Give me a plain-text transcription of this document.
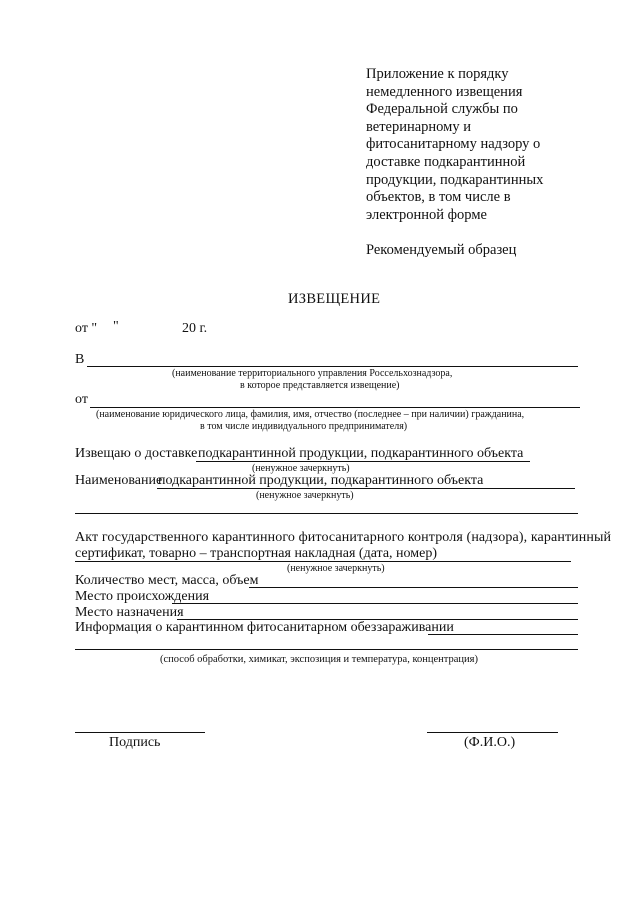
Приложение к порядку
немедленного извещения
Федеральной службы по
ветеринарному и
фитосанитарному надзору о
доставке подкарантинной
продукции, подкарантинных
объектов, в том числе в
электронной форме
Рекомендуемый образец
ИЗВЕЩЕНИЕ
от " "	20 г.
В
(наименование территориального управления Россельхознадзора,
в которое представляется извещение)
от
(наименование юридического лица, фамилия, имя, отчество (последнее – при наличии) гражданина,
в том числе индивидуального предпринимателя)
Извещаю о доставке подкарантинной продукции, подкарантинного объекта
(ненужное зачеркнуть)
Наименование
подкарантинной продукции, подкарантинного объекта
(ненужное зачеркнуть)
Акт государственного карантинного фитосанитарного контроля (надзора), карантинный
сертификат, товарно – транспортная накладная (дата, номер)
(ненужное зачеркнуть)
Количество мест, масса, объем
Место происхождения
Место назначения
Информация о карантинном фитосанитарном обеззараживании
(способ обработки, химикат, экспозиция и температура, концентрация)
Подпись	(Ф.И.О.)
